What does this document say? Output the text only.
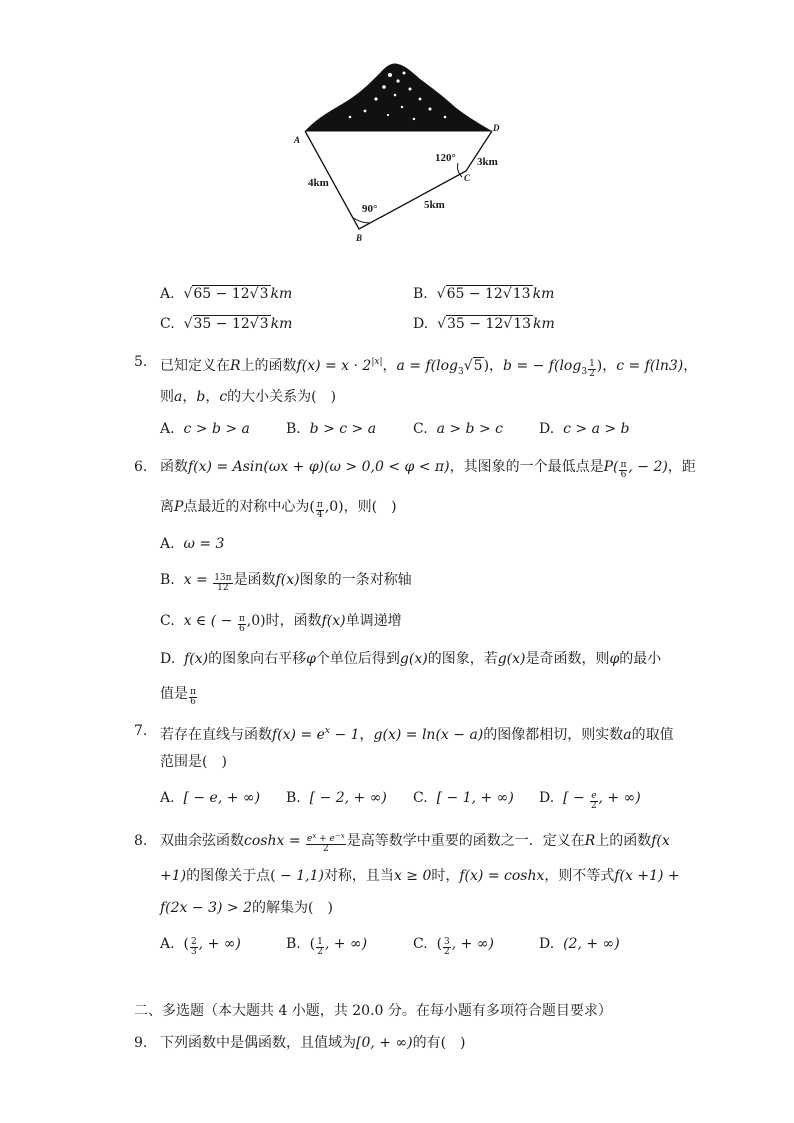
A
B
C
D
4km
5km
3km
90°
120°
A. √65 − 12√3 km	B. √65 − 12√13 km
C. √35 − 12√3 km	D. √35 − 12√13 km
5. 已知定义在R上的函数$f(x) = x \cdot 2^{|x|}$，$a = f(\log_3√5)$，b = − $f(\log_3 \frac{1}{2}$ )，c = f(ln3)，
则a，b，c的大小关系为(　)
A. c > b > a	B. b > c > a	C. a > b > c	D. c > a > b
6. 函数f(x) = Asin(ωx + φ)(ω > 0,0 < φ < π)，其图象的一个最低点是$P( \frac{\pi}{6}$ , − 2)，距
离P点最近的对称中心为( $\frac{\pi}{4} ,0$)，则(　)
A. ω = 3
B. $x = \frac{13\pi}{12}$ 是函数f(x)图象的一条对称轴
C. x ∈ ( − $\frac{\pi}{6} ,0$)时，函数f(x)单调递增
D. f(x)的图象向右平移φ个单位后得到g(x)的图象，若g(x)是奇函数，则φ的最小
值是 $\frac{\pi}{6}$
7. 若存在直线与函数$f(x) = e^x - 1$，g(x) = ln(x − a)的图像都相切，则实数a的取值
范围是(　)
A. [ − e, + ∞) B. [ − 2, + ∞) C. [ − 1, + ∞) D. [ − $\frac{e}{2}$ , + ∞)
8. 双曲余弦函数$\cosh x = \frac{e^x + e^{-x}}{2}$ 是高等数学中重要的函数之一．定义在R上的函数f(x
+1)的图像关于点( − 1,1)对称，且当x ≥ 0时，f(x) = coshx，则不等式f(x +1) +
f(2x − 3) > 2的解集为(　)
A. ( $\frac{2}{3}$ , + ∞)	B. ( $\frac{1}{2}$ , + ∞)	C. ( $\frac{3}{2}$ , + ∞)	D. (2, + ∞)
二、多选题（本大题共 4 小题，共 20.0 分。在每小题有多项符合题目要求）
9. 下列函数中是偶函数，且值域为[0, + ∞)的有(　)
